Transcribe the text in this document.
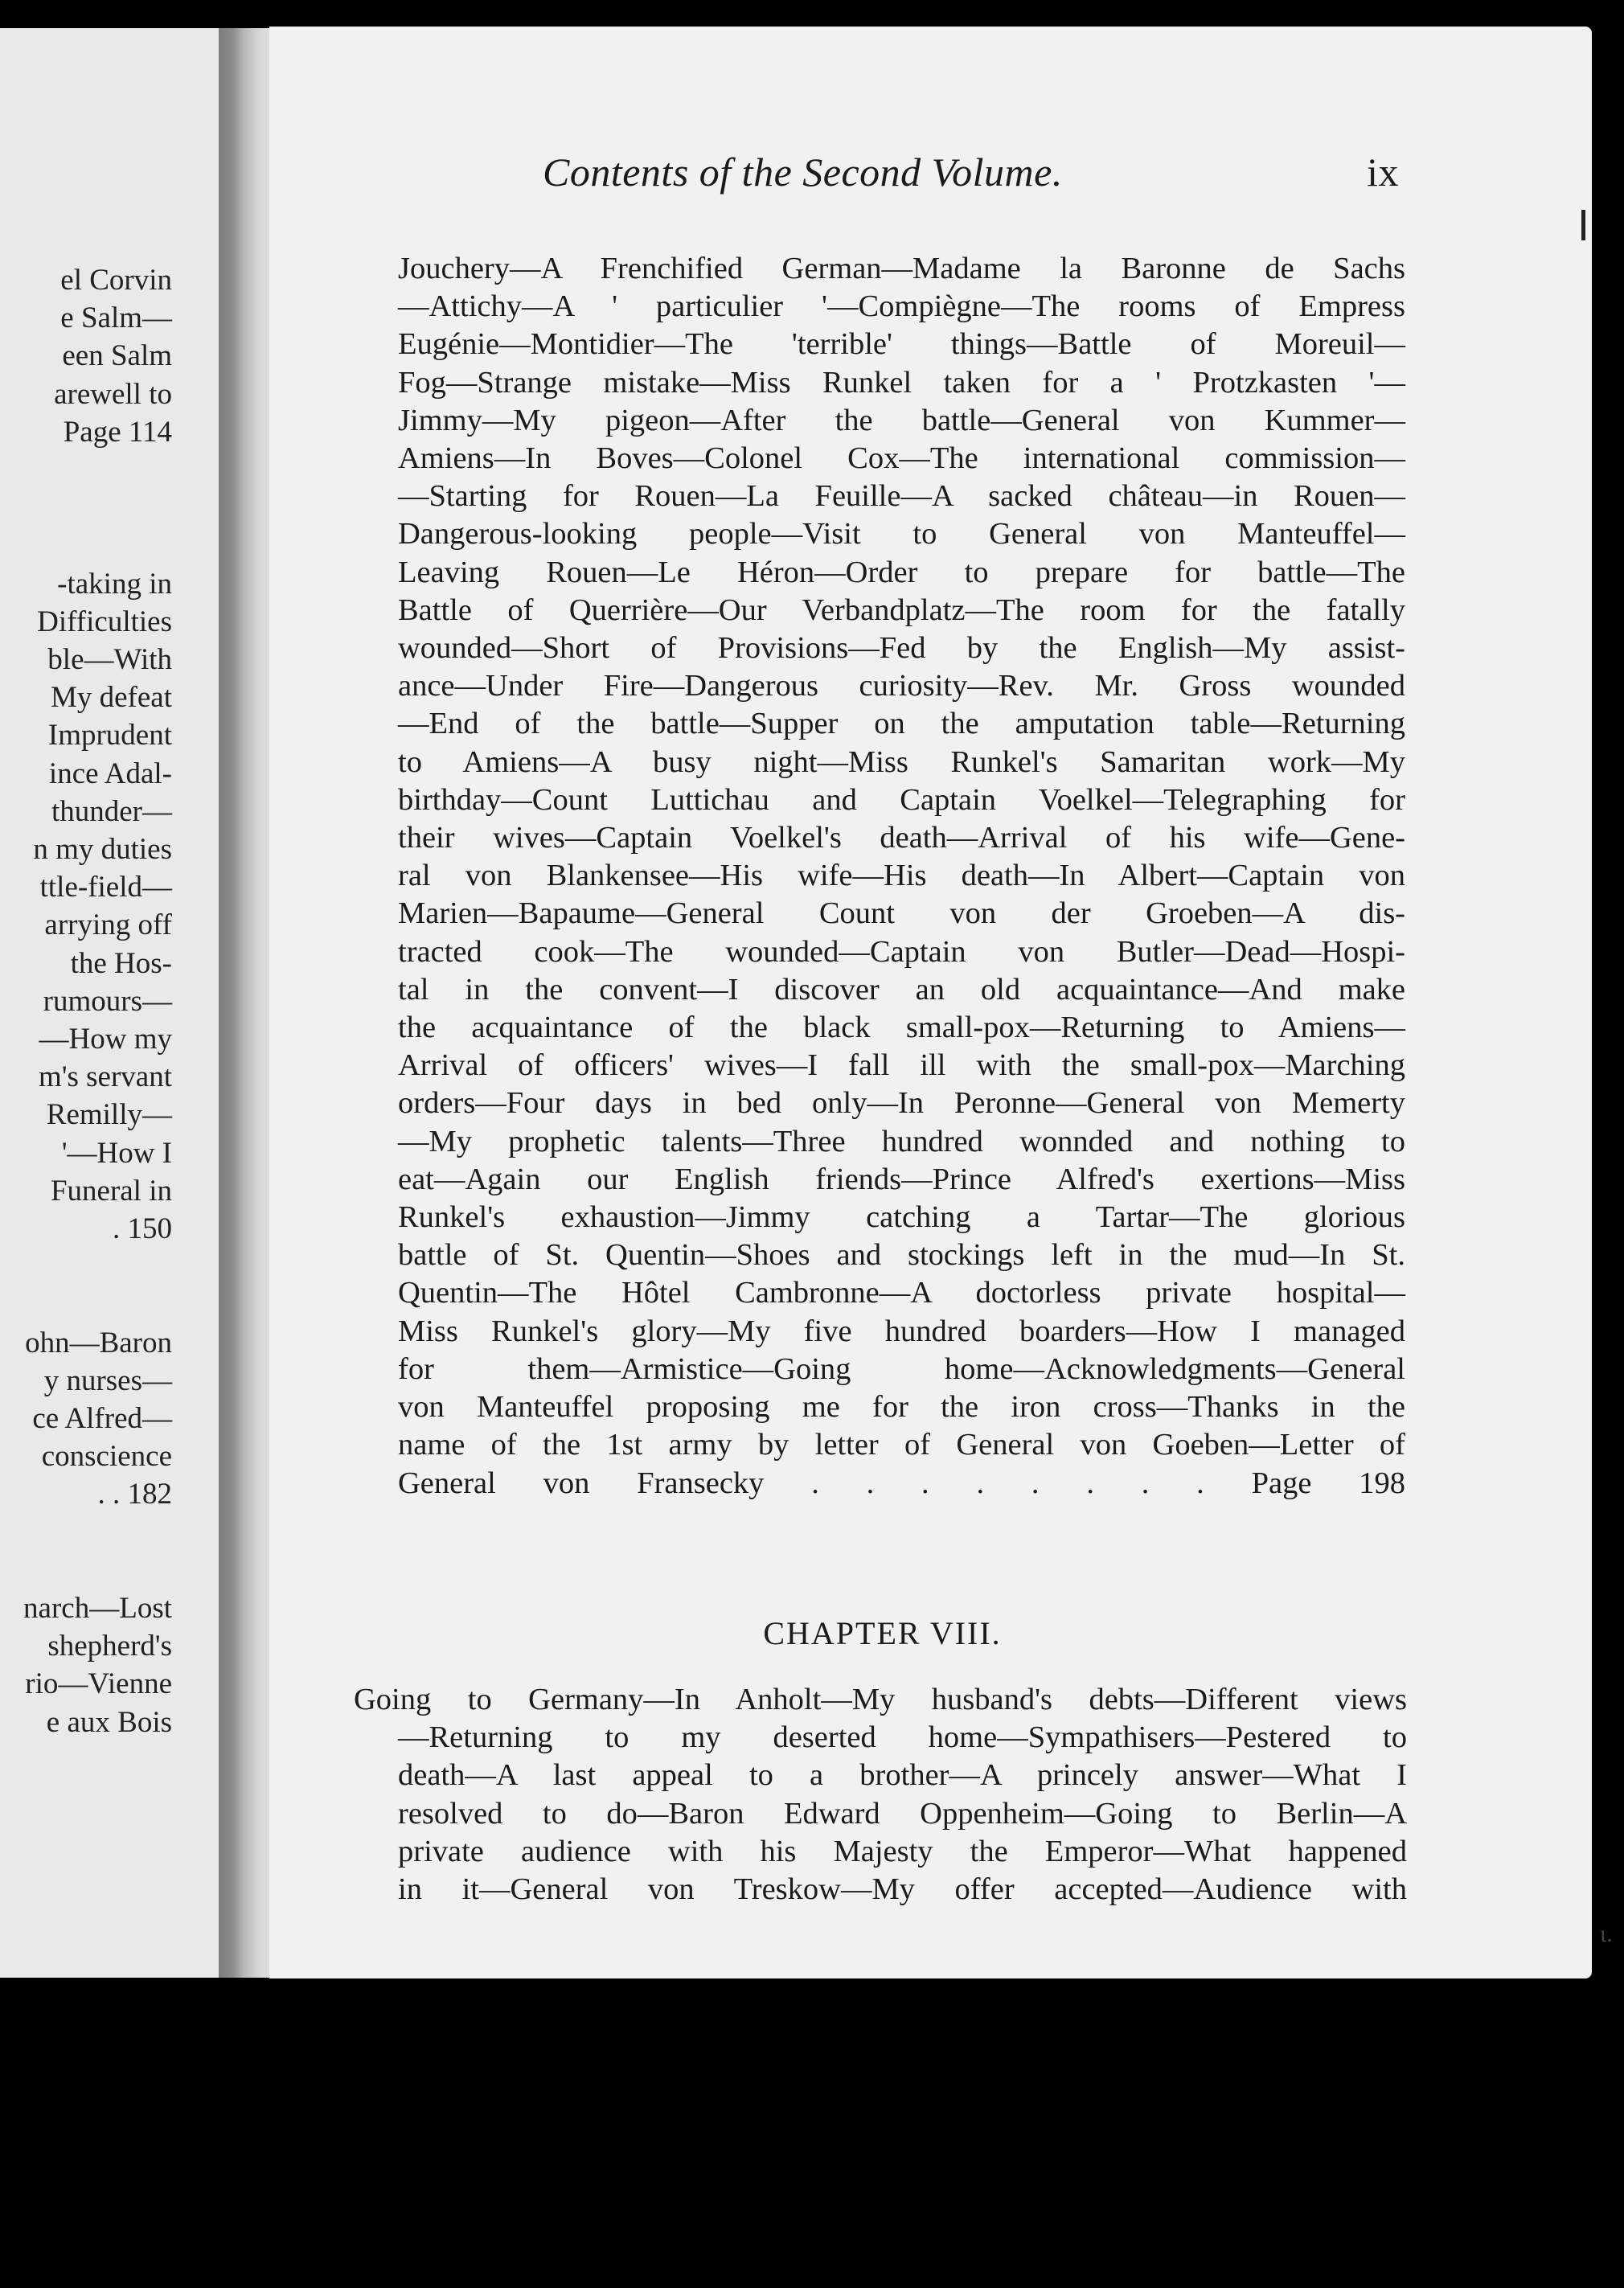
el Corvin
e Salm—
een Salm
arewell to
Page 114
-taking in
Difficulties
ble—With
My defeat
Imprudent
ince Adal-
thunder—
n my duties
ttle-field—
arrying off
the Hos-
rumours—
—How my
m's servant
Remilly—
'—How I
Funeral in
. 150
ohn—Baron
y nurses—
ce Alfred—
conscience
. . 182
narch—Lost
shepherd's
rio—Vienne
e aux Bois
Contents of the Second Volume.	ix
Jouchery—A Frenchified German—Madame la Baronne de Sachs
—Attichy—A ' particulier '—Compiègne—The rooms of Empress
Eugénie—Montidier—The 'terrible' things—Battle of Moreuil—
Fog—Strange mistake—Miss Runkel taken for a ' Protzkasten '—
Jimmy—My pigeon—After the battle—General von Kummer—
Amiens—In Boves—Colonel Cox—The international commission—
—Starting for Rouen—La Feuille—A sacked château—in Rouen—
Dangerous-looking people—Visit to General von Manteuffel—
Leaving Rouen—Le Héron—Order to prepare for battle—The
Battle of Querrière—Our Verbandplatz—The room for the fatally
wounded—Short of Provisions—Fed by the English—My assist-
ance—Under Fire—Dangerous curiosity—Rev. Mr. Gross wounded
—End of the battle—Supper on the amputation table—Returning
to Amiens—A busy night—Miss Runkel's Samaritan work—My
birthday—Count Luttichau and Captain Voelkel—Telegraphing for
their wives—Captain Voelkel's death—Arrival of his wife—Gene-
ral von Blankensee—His wife—His death—In Albert—Captain von
Marien—Bapaume—General Count von der Groeben—A dis-
tracted cook—The wounded—Captain von Butler—Dead—Hospi-
tal in the convent—I discover an old acquaintance—And make
the acquaintance of the black small-pox—Returning to Amiens—
Arrival of officers' wives—I fall ill with the small-pox—Marching
orders—Four days in bed only—In Peronne—General von Memerty
—My prophetic talents—Three hundred wonnded and nothing to
eat—Again our English friends—Prince Alfred's exertions—Miss
Runkel's exhaustion—Jimmy catching a Tartar—The glorious
battle of St. Quentin—Shoes and stockings left in the mud—In St.
Quentin—The Hôtel Cambronne—A doctorless private hospital—
Miss Runkel's glory—My five hundred boarders—How I managed
for them—Armistice—Going home—Acknowledgments—General
von Manteuffel proposing me for the iron cross—Thanks in the
name of the 1st army by letter of General von Goeben—Letter of
General von Fransecky . . . . . . . . Page 198
CHAPTER VIII.
Going to Germany—In Anholt—My husband's debts—Different views
—Returning to my deserted home—Sympathisers—Pestered to
death—A last appeal to a brother—A princely answer—What I
resolved to do—Baron Edward Oppenheim—Going to Berlin—A
private audience with his Majesty the Emperor—What happened
in it—General von Treskow—My offer accepted—Audience with
ι.
